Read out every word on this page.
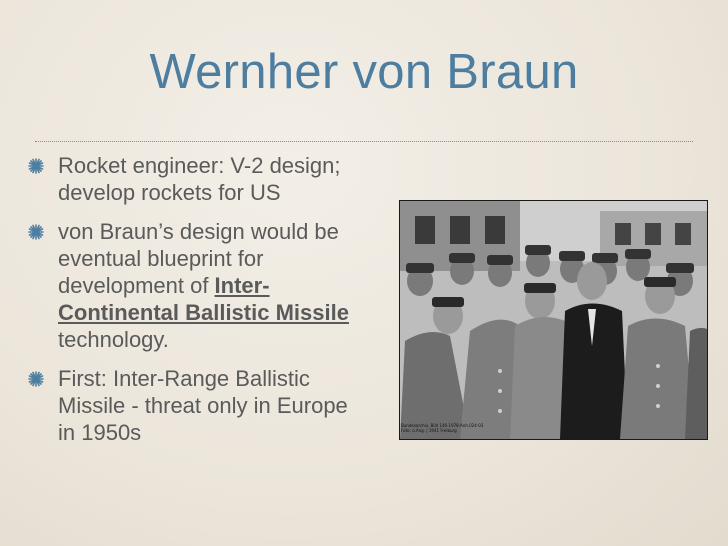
Wernher von Braun
Rocket engineer: V-2 design;
develop rockets for US
von Braun’s design would be
eventual blueprint for
development of Inter-
Continental Ballistic Missile
technology.
First: Inter-Range Ballistic
Missile - threat only in Europe
in 1950s	Bundesarchiv, Bild 146-1978-Anh.024-03
Foto: o.Ang. | 1941 Freiburg
